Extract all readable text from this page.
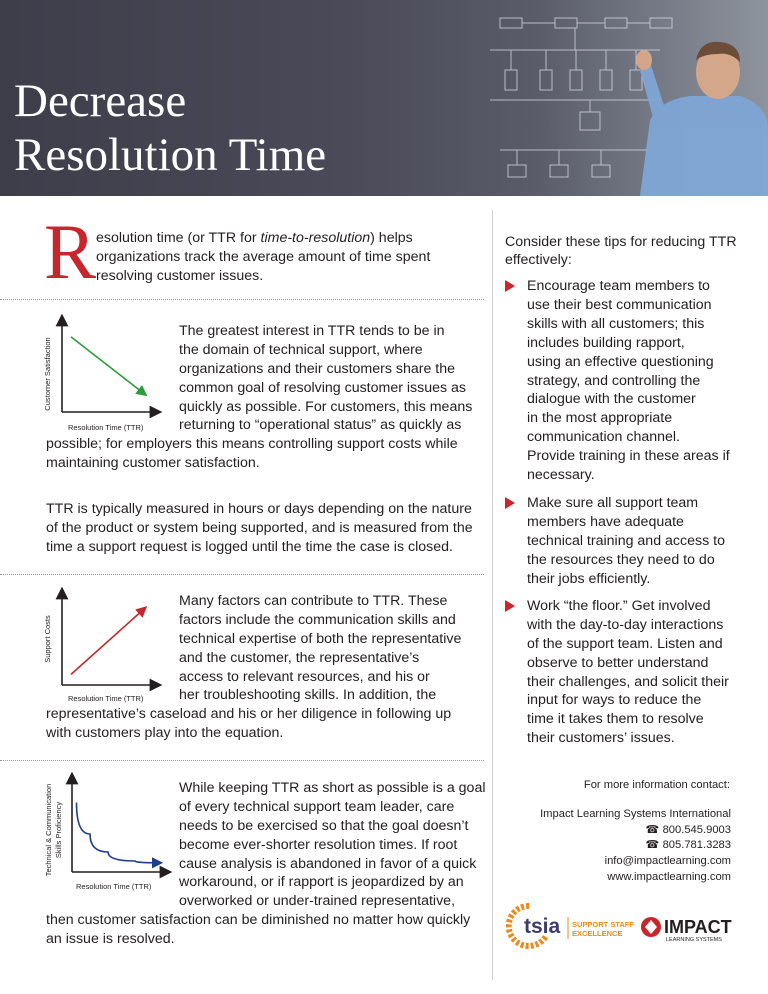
Decrease
Resolution Time
R esolution time (or TTR for time-to-resolution) helps organizations track the average amount of time spent resolving customer issues.

Resolution Time (TTR)
Customer Satisfaction

The greatest interest in TTR tends to be in

the domain of technical support, where

organizations and their customers share the

common goal of resolving customer issues as

quickly as possible. For customers, this means

returning to “operational status” as quickly as

possible; for employers this means controlling support costs while

maintaining customer satisfaction.

TTR is typically measured in hours or days depending on the nature

of the product or system being supported, and is measured from the

time a support request is logged until the time the case is closed.

Resolution Time (TTR)
Support Costs

Many factors can contribute to TTR. These

factors include the communication skills and

technical expertise of both the representative

and the customer, the representative’s

access to relevant resources, and his or

her troubleshooting skills. In addition, the

representative’s caseload and his or her diligence in following up

with customers play into the equation.

Resolution Time (TTR)
Technical & Communication Skills Proficiency

While keeping TTR as short as possible is a goal

of every technical support team leader, care

needs to be exercised so that the goal doesn’t

become ever-shorter resolution times. If root

cause analysis is abandoned in favor of a quick

workaround, or if rapport is jeopardized by an

overworked or under-trained representative,

then customer satisfaction can be diminished no matter how quickly

an issue is resolved.

Consider these tips for reducing TTR

effectively:

Encourage team members to

use their best communication

skills with all customers; this

includes building rapport,

using an effective questioning

strategy, and controlling the

dialogue with the customer

in the most appropriate

communication channel.

Provide training in these areas if

necessary.

Make sure all support team

members have adequate

technical training and access to

the resources they need to do

their jobs efficiently.

Work “the floor.” Get involved

with the day-to-day interactions

of the support team. Listen and

observe to better understand

their challenges, and solicit their

input for ways to reduce the

time it takes them to resolve

their customers’ issues.

For more information contact:

Impact Learning Systems International

☎ 800.545.9003

☎ 805.781.3283

info@impactlearning.com

www.impactlearning.com

tsia SUPPORT STAFF
EXCELLENCE IMPACT
LEARNING SYSTEMS
